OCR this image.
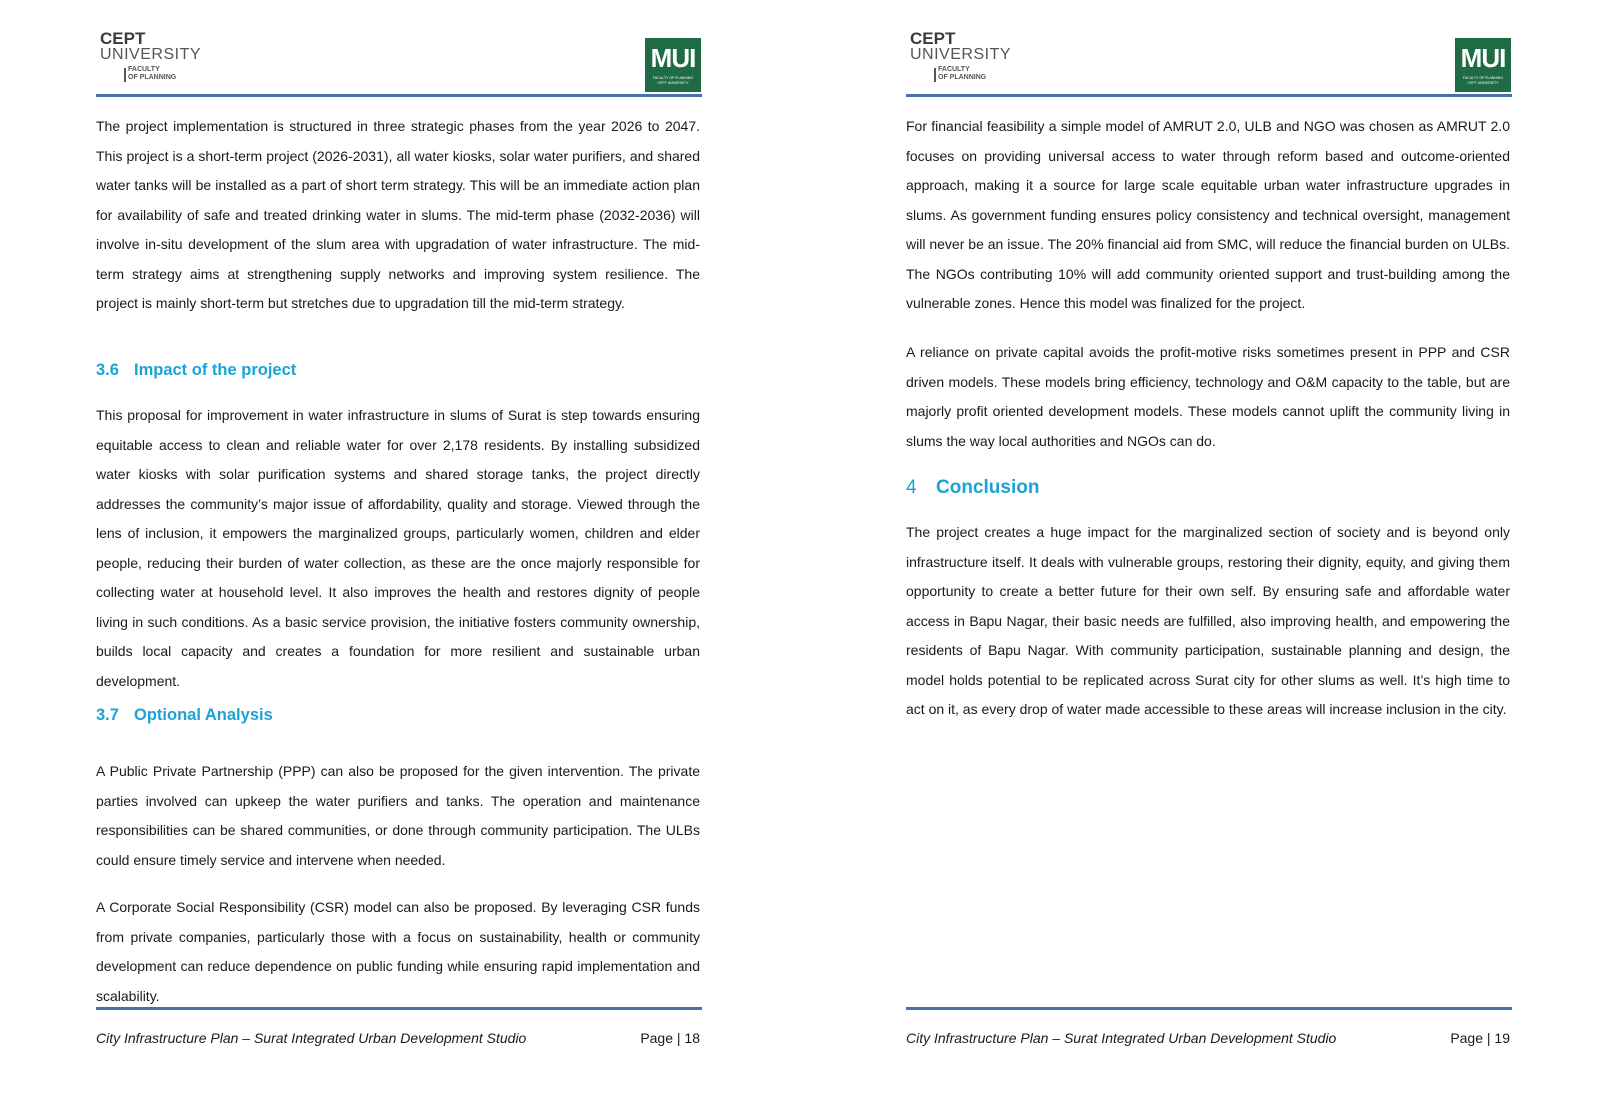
CEPT
UNIVERSITY
FACULTY
OF PLANNING
MUI
FACULTY OF PLANNING
CEPT UNIVERSITY

The project implementation is structured in three strategic phases from the year 2026 to 2047. This project is a short-term project (2026-2031), all water kiosks, solar water purifiers, and shared water tanks will be installed as a part of short term strategy. This will be an immediate action plan for availability of safe and treated drinking water in slums. The mid-term phase (2032-2036) will involve in-situ development of the slum area with upgradation of water infrastructure. The mid-term strategy aims at strengthening supply networks and improving system resilience. The project is mainly short-term but stretches due to upgradation till the mid-term strategy.

3.6 Impact of the project

This proposal for improvement in water infrastructure in slums of Surat is step towards ensuring equitable access to clean and reliable water for over 2,178 residents. By installing subsidized water kiosks with solar purification systems and shared storage tanks, the project directly addresses the community’s major issue of affordability, quality and storage. Viewed through the lens of inclusion, it empowers the marginalized groups, particularly women, children and elder people, reducing their burden of water collection, as these are the once majorly responsible for collecting water at household level. It also improves the health and restores dignity of people living in such conditions. As a basic service provision, the initiative fosters community ownership, builds local capacity and creates a foundation for more resilient and sustainable urban development.

3.7 Optional Analysis

A Public Private Partnership (PPP) can also be proposed for the given intervention. The private parties involved can upkeep the water purifiers and tanks. The operation and maintenance responsibilities can be shared communities, or done through community participation. The ULBs could ensure timely service and intervene when needed.

A Corporate Social Responsibility (CSR) model can also be proposed. By leveraging CSR funds from private companies, particularly those with a focus on sustainability, health or community development can reduce dependence on public funding while ensuring rapid implementation and scalability.

City Infrastructure Plan – Surat Integrated Urban Development Studio	Page | 18
CEPT
UNIVERSITY
FACULTY
OF PLANNING
MUI
FACULTY OF PLANNING
CEPT UNIVERSITY

For financial feasibility a simple model of AMRUT 2.0, ULB and NGO was chosen as AMRUT 2.0 focuses on providing universal access to water through reform based and outcome-oriented approach, making it a source for large scale equitable urban water infrastructure upgrades in slums. As government funding ensures policy consistency and technical oversight, management will never be an issue. The 20% financial aid from SMC, will reduce the financial burden on ULBs. The NGOs contributing 10% will add community oriented support and trust-building among the vulnerable zones. Hence this model was finalized for the project.

A reliance on private capital avoids the profit-motive risks sometimes present in PPP and CSR driven models. These models bring efficiency, technology and O&M capacity to the table, but are majorly profit oriented development models. These models cannot uplift the community living in slums the way local authorities and NGOs can do.

4 Conclusion

The project creates a huge impact for the marginalized section of society and is beyond only infrastructure itself. It deals with vulnerable groups, restoring their dignity, equity, and giving them opportunity to create a better future for their own self. By ensuring safe and affordable water access in Bapu Nagar, their basic needs are fulfilled, also improving health, and empowering the residents of Bapu Nagar. With community participation, sustainable planning and design, the model holds potential to be replicated across Surat city for other slums as well. It’s high time to act on it, as every drop of water made accessible to these areas will increase inclusion in the city.

City Infrastructure Plan – Surat Integrated Urban Development Studio	Page | 19
